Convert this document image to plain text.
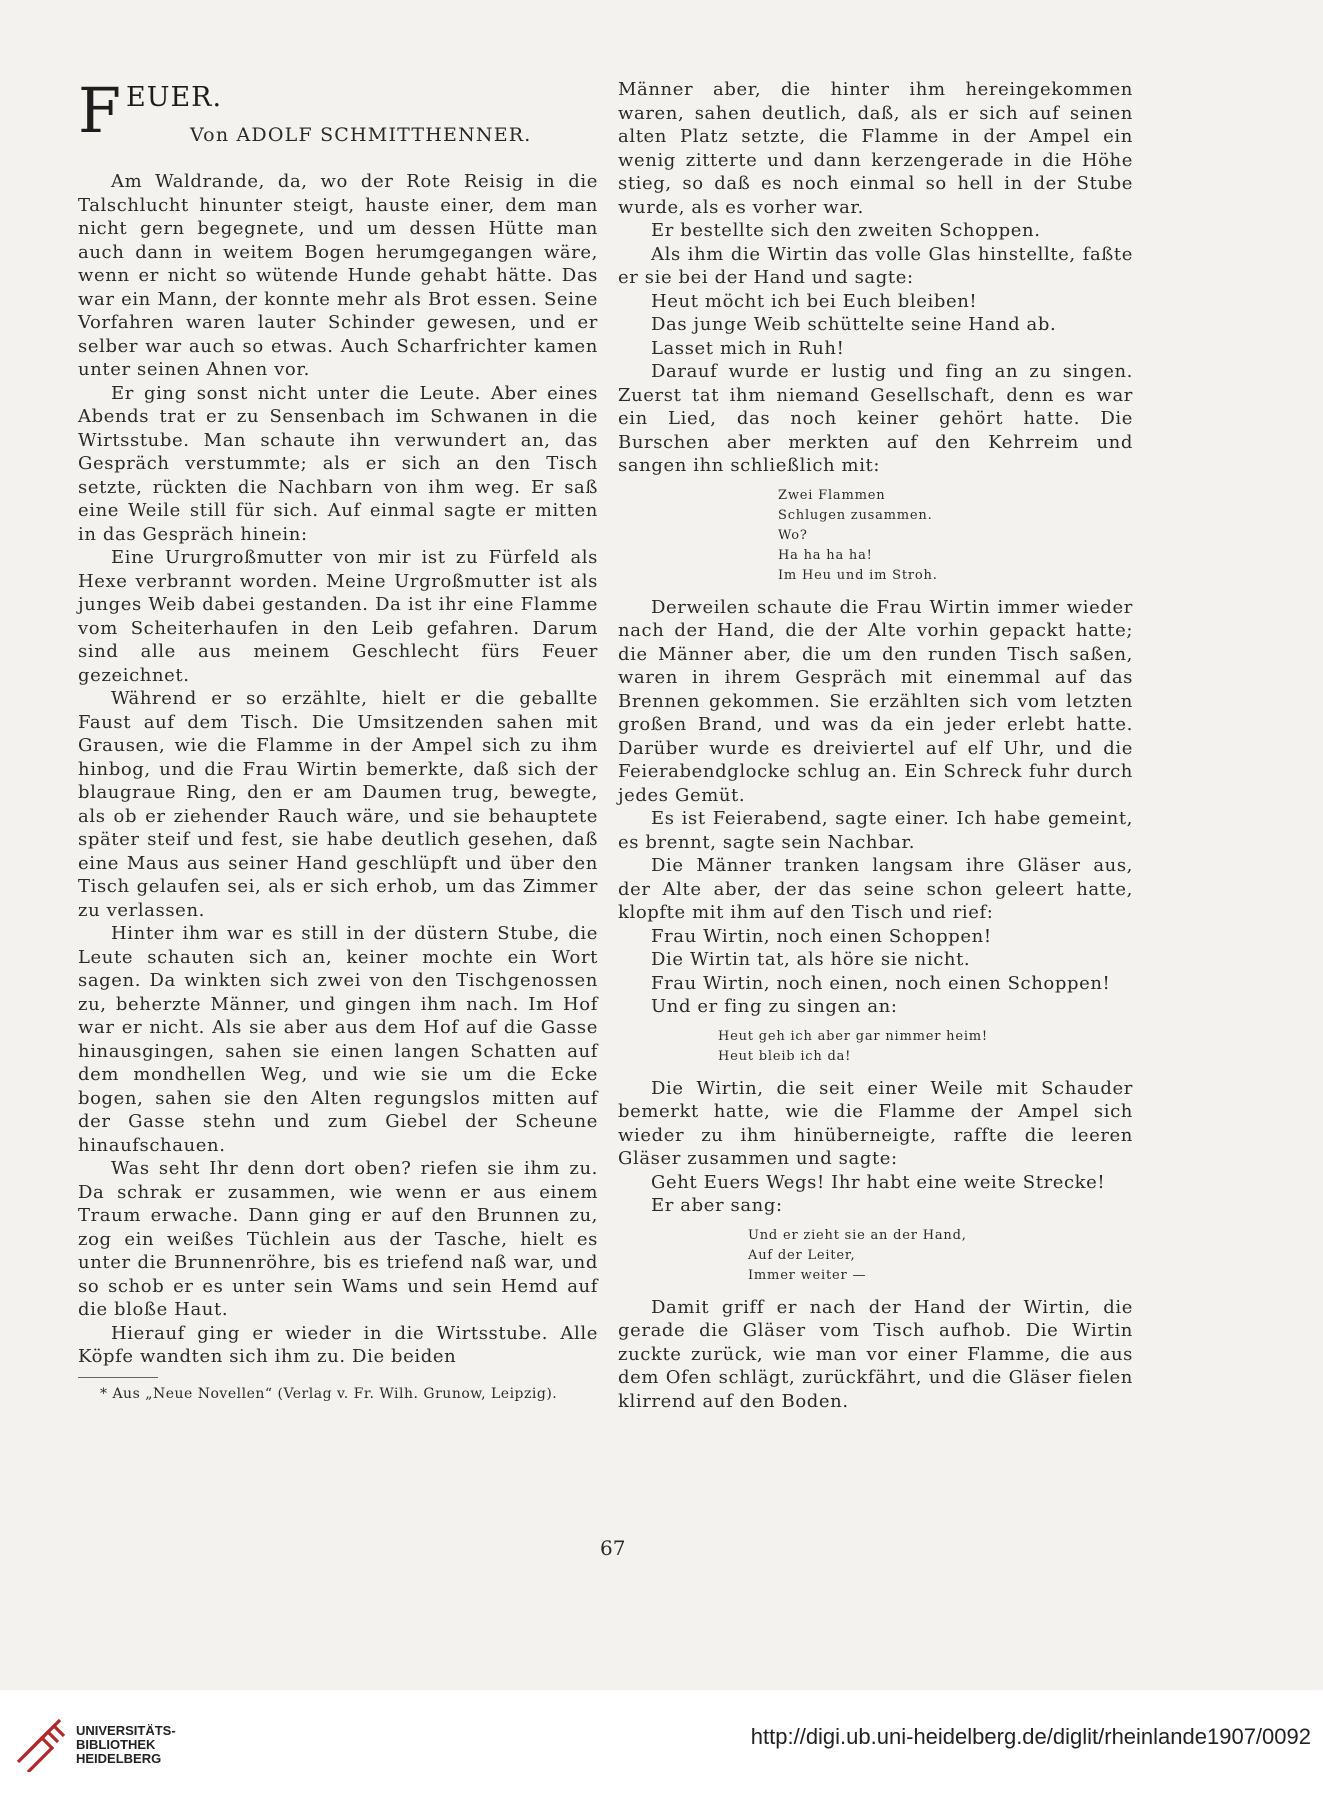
F EUER.
Von ADOLF SCHMITTHENNER.

Am Waldrande, da, wo der Rote Reisig in die Talschlucht hinunter steigt, hauste einer, dem man nicht gern begegnete, und um dessen Hütte man auch dann in weitem Bogen herumgegangen wäre, wenn er nicht so wütende Hunde gehabt hätte. Das war ein Mann, der konnte mehr als Brot essen. Seine Vorfahren waren lauter Schinder gewesen, und er selber war auch so etwas. Auch Scharfrichter kamen unter seinen Ahnen vor.

Er ging sonst nicht unter die Leute. Aber eines Abends trat er zu Sensenbach im Schwanen in die Wirtsstube. Man schaute ihn verwundert an, das Gespräch verstummte; als er sich an den Tisch setzte, rückten die Nachbarn von ihm weg. Er saß eine Weile still für sich. Auf einmal sagte er mitten in das Gespräch hinein:

Eine Ururgroßmutter von mir ist zu Fürfeld als Hexe verbrannt worden. Meine Urgroßmutter ist als junges Weib dabei gestanden. Da ist ihr eine Flamme vom Scheiterhaufen in den Leib gefahren. Darum sind alle aus meinem Geschlecht fürs Feuer gezeichnet.

Während er so erzählte, hielt er die geballte Faust auf dem Tisch. Die Umsitzenden sahen mit Grausen, wie die Flamme in der Ampel sich zu ihm hinbog, und die Frau Wirtin bemerkte, daß sich der blaugraue Ring, den er am Daumen trug, bewegte, als ob er ziehender Rauch wäre, und sie behauptete später steif und fest, sie habe deutlich gesehen, daß eine Maus aus seiner Hand geschlüpft und über den Tisch gelaufen sei, als er sich erhob, um das Zimmer zu verlassen.

Hinter ihm war es still in der düstern Stube, die Leute schauten sich an, keiner mochte ein Wort sagen. Da winkten sich zwei von den Tischgenossen zu, beherzte Männer, und gingen ihm nach. Im Hof war er nicht. Als sie aber aus dem Hof auf die Gasse hinausgingen, sahen sie einen langen Schatten auf dem mondhellen Weg, und wie sie um die Ecke bogen, sahen sie den Alten regungslos mitten auf der Gasse stehn und zum Giebel der Scheune hinaufschauen.

Was seht Ihr denn dort oben? riefen sie ihm zu. Da schrak er zusammen, wie wenn er aus einem Traum erwache. Dann ging er auf den Brunnen zu, zog ein weißes Tüchlein aus der Tasche, hielt es unter die Brunnenröhre, bis es triefend naß war, und so schob er es unter sein Wams und sein Hemd auf die bloße Haut.

Hierauf ging er wieder in die Wirtsstube. Alle Köpfe wandten sich ihm zu. Die beiden

* Aus „Neue Novellen“ (Verlag v. Fr. Wilh. Grunow, Leipzig).

Männer aber, die hinter ihm hereingekommen waren, sahen deutlich, daß, als er sich auf seinen alten Platz setzte, die Flamme in der Ampel ein wenig zitterte und dann kerzengerade in die Höhe stieg, so daß es noch einmal so hell in der Stube wurde, als es vorher war.

Er bestellte sich den zweiten Schoppen.

Als ihm die Wirtin das volle Glas hinstellte, faßte er sie bei der Hand und sagte:

Heut möcht ich bei Euch bleiben!

Das junge Weib schüttelte seine Hand ab.

Lasset mich in Ruh!

Darauf wurde er lustig und fing an zu singen. Zuerst tat ihm niemand Gesellschaft, denn es war ein Lied, das noch keiner gehört hatte. Die Burschen aber merkten auf den Kehrreim und sangen ihn schließlich mit:

Zwei Flammen
Schlugen zusammen.
Wo?
Ha ha ha ha!
Im Heu und im Stroh.

Derweilen schaute die Frau Wirtin immer wieder nach der Hand, die der Alte vorhin gepackt hatte; die Männer aber, die um den runden Tisch saßen, waren in ihrem Gespräch mit einemmal auf das Brennen gekommen. Sie erzählten sich vom letzten großen Brand, und was da ein jeder erlebt hatte. Darüber wurde es dreiviertel auf elf Uhr, und die Feierabendglocke schlug an. Ein Schreck fuhr durch jedes Gemüt.

Es ist Feierabend, sagte einer. Ich habe gemeint, es brennt, sagte sein Nachbar.

Die Männer tranken langsam ihre Gläser aus, der Alte aber, der das seine schon geleert hatte, klopfte mit ihm auf den Tisch und rief:

Frau Wirtin, noch einen Schoppen!

Die Wirtin tat, als höre sie nicht.

Frau Wirtin, noch einen, noch einen Schoppen!

Und er fing zu singen an:

Heut geh ich aber gar nimmer heim!
Heut bleib ich da!

Die Wirtin, die seit einer Weile mit Schauder bemerkt hatte, wie die Flamme der Ampel sich wieder zu ihm hinüberneigte, raffte die leeren Gläser zusammen und sagte:

Geht Euers Wegs! Ihr habt eine weite Strecke!

Er aber sang:

Und er zieht sie an der Hand,
Auf der Leiter,
Immer weiter —

Damit griff er nach der Hand der Wirtin, die gerade die Gläser vom Tisch aufhob. Die Wirtin zuckte zurück, wie man vor einer Flamme, die aus dem Ofen schlägt, zurückfährt, und die Gläser fielen klirrend auf den Boden.

67
UNIVERSITÄTS-
BIBLIOTHEK
HEIDELBERG
http://digi.ub.uni-heidelberg.de/diglit/rheinlande1907/0092
